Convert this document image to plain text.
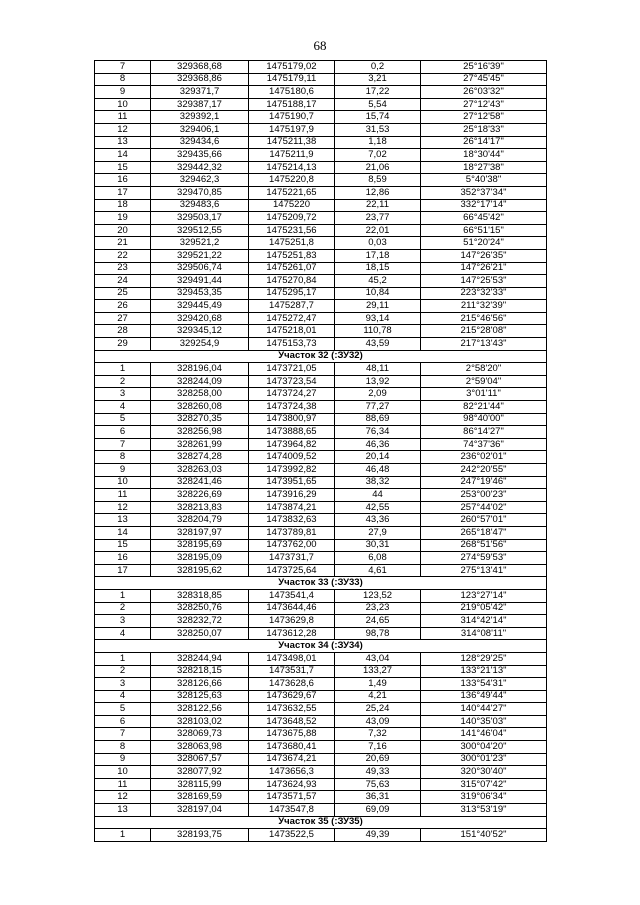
68
7	329368,68	1475179,02	0,2	25°16'39"
8	329368,86	1475179,11	3,21	27°45'45"
9	329371,7	1475180,6	17,22	26°03'32"
10	329387,17	1475188,17	5,54	27°12'43"
11	329392,1	1475190,7	15,74	27°12'58"
12	329406,1	1475197,9	31,53	25°18'33"
13	329434,6	1475211,38	1,18	26°14'17"
14	329435,66	1475211,9	7,02	18°30'44"
15	329442,32	1475214,13	21,06	18°27'38"
16	329462,3	1475220,8	8,59	5°40'38"
17	329470,85	1475221,65	12,86	352°37'34"
18	329483,6	1475220	22,11	332°17'14"
19	329503,17	1475209,72	23,77	66°45'42"
20	329512,55	1475231,56	22,01	66°51'15"
21	329521,2	1475251,8	0,03	51°20'24"
22	329521,22	1475251,83	17,18	147°26'35"
23	329506,74	1475261,07	18,15	147°26'21"
24	329491,44	1475270,84	45,2	147°25'53"
25	329453,35	1475295,17	10,84	223°32'33"
26	329445,49	1475287,7	29,11	211°32'39"
27	329420,68	1475272,47	93,14	215°46'56"
28	329345,12	1475218,01	110,78	215°28'08"
29	329254,9	1475153,73	43,59	217°13'43"
Участок 32 (:ЗУ32)				
1	328196,04	1473721,05	48,11	2°58'20"
2	328244,09	1473723,54	13,92	2°59'04"
3	328258,00	1473724,27	2,09	3°01'11"
4	328260,08	1473724,38	77,27	82°21'44"
5	328270,35	1473800,97	88,69	98°40'00"
6	328256,98	1473888,65	76,34	86°14'27"
7	328261,99	1473964,82	46,36	74°37'36"
8	328274,28	1474009,52	20,14	236°02'01"
9	328263,03	1473992,82	46,48	242°20'55"
10	328241,46	1473951,65	38,32	247°19'46"
11	328226,69	1473916,29	44	253°00'23"
12	328213,83	1473874,21	42,55	257°44'02"
13	328204,79	1473832,63	43,36	260°57'01"
14	328197,97	1473789,81	27,9	265°18'47"
15	328195,69	1473762,00	30,31	268°51'56"
16	328195,09	1473731,7	6,08	274°59'53"
17	328195,62	1473725,64	4,61	275°13'41"
Участок 33 (:ЗУ33)				
1	328318,85	1473541,4	123,52	123°27'14"
2	328250,76	1473644,46	23,23	219°05'42"
3	328232,72	1473629,8	24,65	314°42'14"
4	328250,07	1473612,28	98,78	314°08'11"
Участок 34 (:ЗУ34)				
1	328244,94	1473498,01	43,04	128°29'25"
2	328218,15	1473531,7	133,27	133°21'13"
3	328126,66	1473628,6	1,49	133°54'31"
4	328125,63	1473629,67	4,21	136°49'44"
5	328122,56	1473632,55	25,24	140°44'27"
6	328103,02	1473648,52	43,09	140°35'03"
7	328069,73	1473675,88	7,32	141°46'04"
8	328063,98	1473680,41	7,16	300°04'20"
9	328067,57	1473674,21	20,69	300°01'23"
10	328077,92	1473656,3	49,33	320°30'40"
11	328115,99	1473624,93	75,63	315°07'42"
12	328169,59	1473571,57	36,31	319°06'34"
13	328197,04	1473547,8	69,09	313°53'19"
Участок 35 (:ЗУ35)				
1	328193,75	1473522,5	49,39	151°40'52"
